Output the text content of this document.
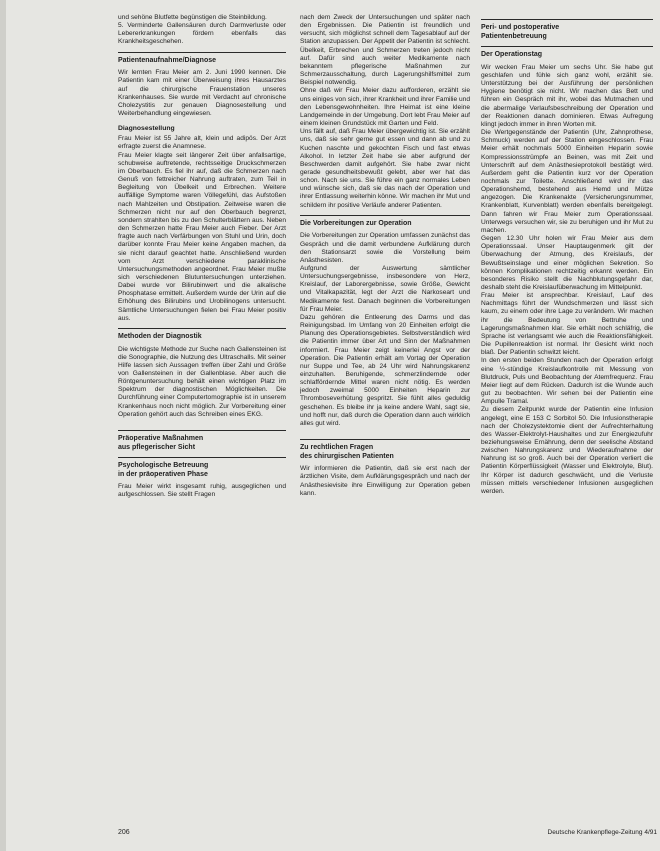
und sehöne Blutfette begünstigen die Steinbildung.
5. Verminderte Gallensäuren durch Darmverluste oder Lebererkrankungen fördern ebenfalls das Krankheitsgeschehen.

Patientenaufnahme/Diagnose

Wir lernten Frau Meier am 2. Juni 1990 kennen. Die Patientin kam mit einer Überweisung ihres Hausarztes auf die chirurgische Frauenstation unseres Krankenhauses. Sie wurde mit Verdacht auf chronische Cholezystitis zur genauen Diagnosestellung und Weiterbehandlung eingewiesen.

Diagnosestellung

Frau Meier ist 55 Jahre alt, klein und adipös. Der Arzt erfragte zuerst die Anamnese.
Frau Meier klagte seit längerer Zeit über anfallsartige, schubweise auftretende, rechtsseitige Druckschmerzen im Oberbauch. Es fiel ihr auf, daß die Schmerzen nach Genuß von fettreicher Nahrung auftraten, zum Teil in Begleitung von Übelkeit und Erbrechen. Weitere auffällige Symptome waren Völlegefühl, das Aufstoßen nach Mahlzeiten und Obstipation. Zeitweise waren die Schmerzen nicht nur auf den Oberbauch begrenzt, sondern strahlten bis zu den Schulterblättern aus. Neben den Schmerzen hatte Frau Meier auch Fieber. Der Arzt fragte auch nach Verfärbungen von Stuhl und Urin, doch darüber konnte Frau Meier keine Angaben machen, da sie nicht darauf geachtet hatte. Anschließend wurden vom Arzt verschiedene paraklinische Untersuchungsmethoden angeordnet. Frau Meier mußte sich verschiedenen Blutuntersuchungen unterziehen. Dabei wurde vor Bilirubinwert und die alkalische Phosphatase ermittelt. Außerdem wurde der Urin auf die Erhöhung des Bilirubins und Urobilinogens untersucht. Sämtliche Untersuchungen fielen bei Frau Meier positiv aus.

Methoden der Diagnostik

Die wichtigste Methode zur Suche nach Gallensteinen ist die Sonographie, die Nutzung des Ultraschalls. Mit seiner Hilfe lassen sich Aussagen treffen über Zahl und Größe von Gallensteinen in der Gallenblase. Aber auch die Röntgenuntersuchung behält einen wichtigen Platz im Spektrum der diagnostischen Möglichkeiten. Die Durchführung einer Computertomographie ist in unserem Krankenhaus noch nicht möglich. Zur Vorbereitung einer Operation gehört auch das Schreiben eines EKG.

Präoperative Maßnahmen
aus pflegerischer Sicht
Psychologische Betreuung
in der präoperativen Phase

Frau Meier wirkt insgesamt ruhig, ausgeglichen und aufgeschlossen. Sie stellt Fragen

nach dem Zweck der Untersuchungen und später nach den Ergebnissen. Die Patientin ist freundlich und versucht, sich möglichst schnell dem Tagesablauf auf der Station anzupassen. Der Appetit der Patientin ist schlecht. Übelkeit, Erbrechen und Schmerzen treten jedoch nicht auf. Dafür sind auch weiter Medikamente nach bekanntem pflegerische Maßnahmen zur Schmerzausschaltung, durch Lagerungshilfsmittel zum Beispiel notwendig.
Ohne daß wir Frau Meier dazu aufforderen, erzählt sie uns einiges von sich, ihrer Krankheit und ihrer Familie und den Lebensgewohnheiten. Ihre Heimat ist eine kleine Landgemeinde in der Umgebung. Dort lebt Frau Meier auf einem kleinen Grundstück mit Garten und Feld.
Uns fällt auf, daß Frau Meier übergewichtig ist. Sie erzählt uns, daß sie sehr gerne gut essen und dann ab und zu Kuchen naschte und gekochten Fisch und fast etwas Alkohol. In letzter Zeit habe sie aber aufgrund der Beschwerden damit aufgehört. Sie habe zwar nicht gerade gesundheitsbewußt gelebt, aber wer hat das schon. Nach sie uns. Sie führe ein ganz normales Leben und wünsche sich, daß sie das nach der Operation und ihrer Entlassung weiterhin könne. Wir machen ihr Mut und schildern ihr positive Verläufe anderer Patienten.

Die Vorbereitungen zur Operation

Die Vorbereitungen zur Operation umfassen zunächst das Gespräch und die damit verbundene Aufklärung durch den Stationsarzt sowie die Vorstellung beim Anästhesisten.
Aufgrund der Auswertung sämtlicher Untersuchungsergebnisse, insbesondere von Herz, Kreislauf, der Laborergebnisse, sowie Größe, Gewicht und Vitalkapazität, legt der Arzt die Narkoseart und Medikamente fest. Danach beginnen die Vorbereitungen für Frau Meier.
Dazu gehören die Entleerung des Darms und das Reinigungsbad. Im Umfang von 20 Einheiten erfolgt die Planung des Operationsgebietes. Selbstverständlich wird die Patientin immer über Art und Sinn der Maßnahmen informiert. Frau Meier zeigt keinerlei Angst vor der Operation. Die Patientin erhält am Vortag der Operation nur Suppe und Tee, ab 24 Uhr wird Nahrungskarenz einzuhalten. Beruhigende, schmerzlindernde oder schlaffördernde Mittel waren nicht nötig. Es werden jedoch zweimal 5000 Einheiten Heparin zur Thromboseverhütung gespritzt. Sie fühlt alles geduldig geschehen. Es bleibe ihr ja keine andere Wahl, sagt sie, und hofft nur, daß durch die Operation dann auch wirklich alles gut wird.

Zu rechtlichen Fragen
des chirurgischen Patienten

Wir informieren die Patientin, daß sie erst nach der ärztlichen Visite, dem Aufklärungsgespräch und nach der Anästhesievisite ihre Einwilligung zur Operation geben kann.

Peri- und postoperative
Patientenbetreuung
Der Operationstag

Wir wecken Frau Meier um sechs Uhr. Sie habe gut geschlafen und fühle sich ganz wohl, erzählt sie. Unterstützung bei der Ausführung der persönlichen Hygiene benötigt sie nicht. Wir machen das Bett und führen ein Gespräch mit ihr, wobei das Mutmachen und die abermalige Verlaufsbeschreibung der Operation und der Reaktionen danach dominieren. Etwas Aufregung klingt jedoch immer in ihren Worten mit.
Die Wertgegenstände der Patientin (Uhr, Zahnprothese, Schmuck) werden auf der Station eingeschlossen. Frau Meier erhält nochmals 5000 Einheiten Heparin sowie Kompressionsstrümpfe an Beinen, was mit Zeit und Unterschrift auf dem Anästhesieprotokoll bestätigt wird. Außerdem geht die Patientin kurz vor der Operation nochmals zur Toilette. Anschließend wird ihr das Operationshemd, bestehend aus Hemd und Mütze angezogen. Die Krankenakte (Versicherungsnummer, Krankenblatt, Kurvenblatt) werden ebenfalls bereitgelegt. Dann fahren wir Frau Meier zum Operationssaal. Unterwegs versuchen wir, sie zu beruhigen und ihr Mut zu machen.
Gegen 12.30 Uhr holen wir Frau Meier aus dem Operationssaal. Unser Hauptaugenmerk gilt der Überwachung der Atmung, des Kreislaufs, der Bewußtseinslage und einer möglichen Sekretion. So können Komplikationen rechtzeitig erkannt werden. Ein besonderes Risiko stellt die Nachblutungsgefahr dar, deshalb steht die Kreislaufüberwachung im Mittelpunkt.
Frau Meier ist ansprechbar. Kreislauf, Lauf des Nachmittags führt der Wundschmerzen und lässt sich kaum, zu einem oder ihre Lage zu verändern. Wir machen ihr die Bedeutung von Bettruhe und Lagerungsmaßnahmen klar. Sie erhält noch schläfrig, die Sprache ist verlangsamt wie auch die Reaktionsfähigkeit. Die Pupillenreaktion ist normal. Ihr Gesicht wirkt noch blaß. Der Patientin schwitzt leicht.
In den ersten beiden Stunden nach der Operation erfolgt eine ½-stündige Kreislaufkontrolle mit Messung von Blutdruck, Puls und Beobachtung der Atemfrequenz. Frau Meier liegt auf dem Rücken. Dadurch ist die Wunde auch gut zu beobachten. Wir sehen bei der Patientin eine Ampulle Tramal.
Zu diesem Zeitpunkt wurde der Patientin eine Infusion angelegt, eine E 153 C Sorbitol 50. Die Infusionstherapie nach der Cholezystektomie dient der Aufrechterhaltung des Wasser-Elektrolyt-Haushaltes und zur Energiezufuhr beziehungsweise Ernährung, denn der seelische Abstand zwischen Nahrungskarenz und Wiederaufnahme der Nahrung ist so groß. Auch bei der Operation verliert die Patientin Körperflüssigkeit (Wasser und Elektrolyte, Blut). Ihr Körper ist dadurch geschwächt, und die Verluste müssen mittels verschiedener Infusionen ausgeglichen werden.

206	Deutsche Krankenpflege-Zeitung 4/91
